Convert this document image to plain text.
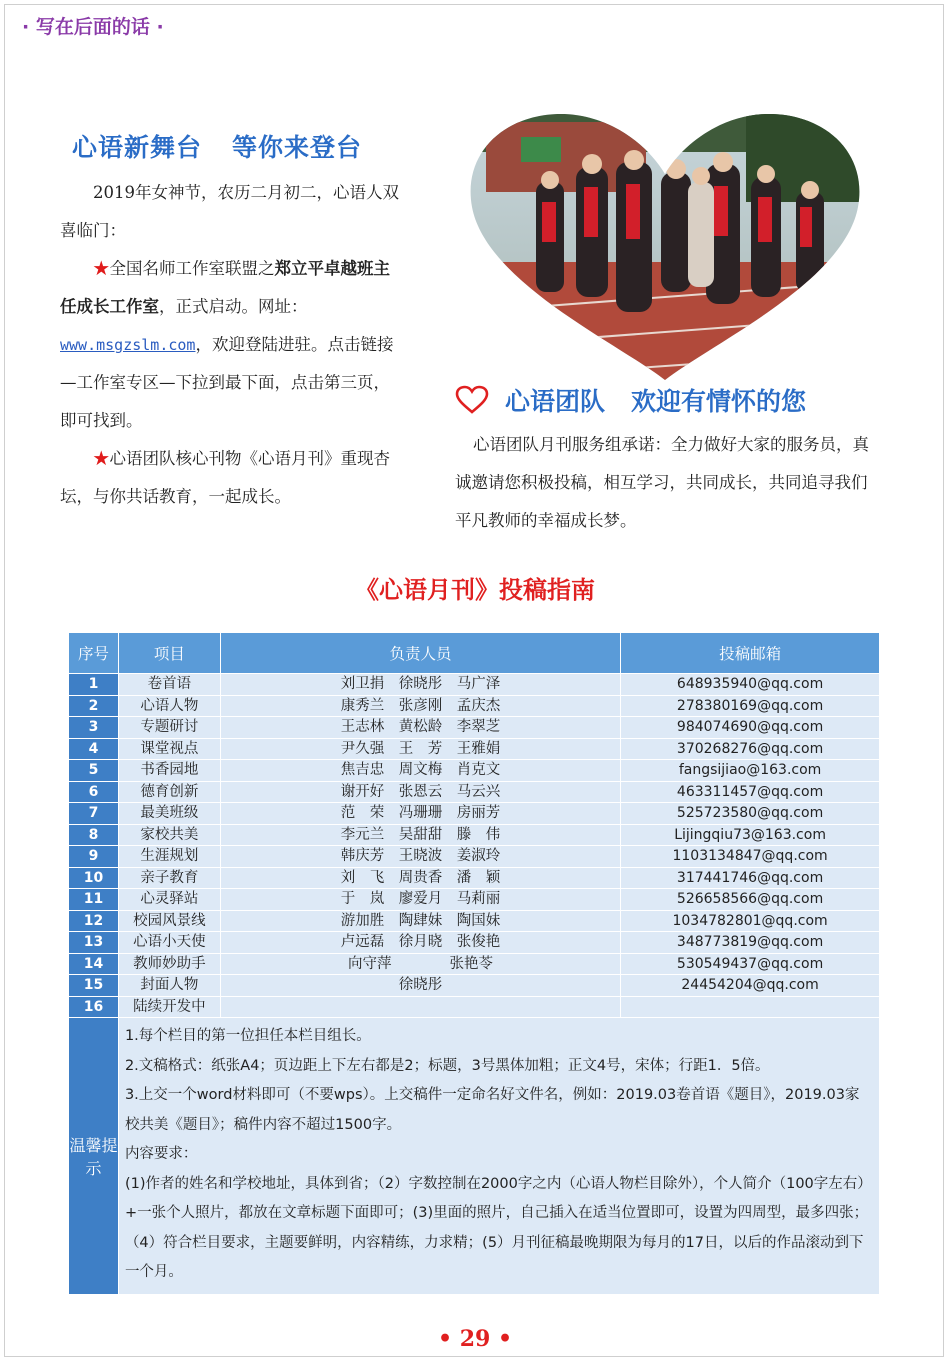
· 写在后面的话 ·
心语新舞台 等你来登台

2019年女神节，农历二月初二，心语人双喜临门：

★全国名师工作室联盟之郑立平卓越班主任成长工作室，正式启动。网址：www.msgzslm.com，欢迎登陆进驻。点击链接—工作室专区—下拉到最下面，点击第三页，即可找到。

★心语团队核心刊物《心语月刊》重现杏坛，与你共话教育，一起成长。

心语团队 欢迎有情怀的您

心语团队月刊服务组承诺：全力做好大家的服务员，真诚邀请您积极投稿，相互学习，共同成长，共同追寻我们平凡教师的幸福成长梦。

《心语月刊》投稿指南
序号	项目	负责人员	投稿邮箱
1	卷首语	刘卫捐　徐晓彤　马广泽	648935940@qq.com
2	心语人物	康秀兰　张彦刚　孟庆杰	278380169@qq.com
3	专题研讨	王志林　黄松龄　李翠芝	984074690@qq.com
4	课堂视点	尹久强　王　芳　王雅娟	370268276@qq.com
5	书香园地	焦吉忠　周文梅　肖克文	fangsijiao@163.com
6	德育创新	谢开好　张恩云　马云兴	463311457@qq.com
7	最美班级	范　荣　冯珊珊　房丽芳	525723580@qq.com
8	家校共美	李元兰　吴甜甜　滕　伟	Lijingqiu73@163.com
9	生涯规划	韩庆芳　王晓波　姜淑玲	1103134847@qq.com
10	亲子教育	刘　飞　周贵香　潘　颖	317441746@qq.com
11	心灵驿站	于　岚　廖爱月　马莉丽	526658566@qq.com
12	校园风景线	游加胜　陶肆妹　陶国妹	1034782801@qq.com
13	心语小天使	卢远磊　徐月晓　张俊艳	348773819@qq.com
14	教师妙助手	向守萍　　　　张艳苓	530549437@qq.com
15	封面人物	徐晓彤	24454204@qq.com
16	陆续开发中		
温馨提示	1.每个栏目的第一位担任本栏目组长。

2.文稿格式：纸张A4；页边距上下左右都是2；标题，3号黑体加粗；正文4号，宋体；行距1．5倍。

3.上交一个word材料即可（不要wps）。上交稿件一定命名好文件名，例如：2019.03卷首语《题目》，2019.03家校共美《题目》；稿件内容不超过1500字。

内容要求：

(1)作者的姓名和学校地址，具体到省；（2）字数控制在2000字之内（心语人物栏目除外），个人简介（100字左右）+一张个人照片，都放在文章标题下面即可；(3)里面的照片，自己插入在适当位置即可，设置为四周型，最多四张；（4）符合栏目要求，主题要鲜明，内容精练，力求精；(5）月刊征稿最晚期限为每月的17日，以后的作品滚动到下一个月。		

• 29 •
